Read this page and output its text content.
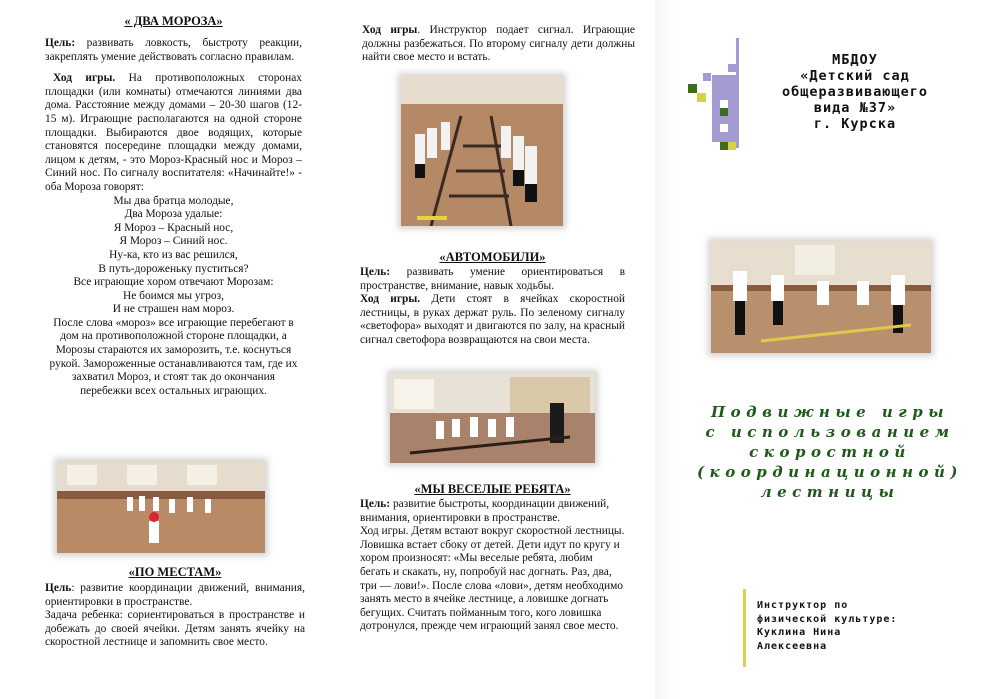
« ДВА МОРОЗА»

Цель: развивать ловкость, быстроту реакции, закреплять умение действовать согласно правилам.

Ход игры. На противоположных сторонах площадки (или комнаты) отмечаются линиями два дома. Расстояние между домами – 20-30 шагов (12-15 м). Играющие располагаются на одной стороне площадки. Выбираются двое водящих, которые становятся посередине площадки между домами, лицом к детям, - это Мороз-Красный нос и Мороз – Синий нос. По сигналу воспитателя: «Начинайте!» - оба Мороза говорят:

Мы два братца молодые,

Два Мороза удалые:

Я Мороз – Красный нос,

Я Мороз – Синий нос.

Ну-ка, кто из вас решился,

В путь-дороженьку пуститься?

Все играющие хором отвечают Морозам:

Не боимся мы угроз,

И не страшен нам мороз.

После слова «мороз» все играющие перебегают в дом на противоположной стороне площадки, а Морозы стараются их заморозить, т.е. коснуться рукой. Замороженные останавливаются там, где их захватил Мороз, и стоят так до окончания перебежки всех остальных играющих.

«ПО МЕСТАМ»

Цель: развитие координации движений, внимания, ориентировки в пространстве.

Задача ребенка: сориентироваться в пространстве и добежать до своей ячейки. Детям занять ячейку на скоростной лестнице и запомнить свое место.

Ход игры. Инструктор подает сигнал. Играющие должны разбежаться. По второму сигналу дети должны найти свое место и встать.

«АВТОМОБИЛИ»

Цель: развивать умение ориентироваться в пространстве, внимание, навык ходьбы.

Ход игры. Дети стоят в ячейках скоростной лестницы, в руках держат руль. По зеленому сигналу «светофора» выходят и двигаются по залу, на красный сигнал светофора возвращаются на свои места.

«МЫ ВЕСЕЛЫЕ РЕБЯТА»

Цель: развитие быстроты, координации движений, внимания, ориентировки в пространстве.

Ход игры. Детям встают вокруг скоростной лестницы. Ловишка встает сбоку от детей. Дети идут по кругу и хором произносят: «Мы веселые ребята, любим бегать и скакать, ну, попробуй нас догнать. Раз, два, три — лови!». После слова «лови», детям необходимо занять место в ячейке лестнице, а ловишке догнать бегущих. Считать пойманным того, кого ловишка дотронулся, прежде чем играющий занял свое место.

МБДОУ
«Детский сад
общеразвивающего
вида №37»
г. Курска
Подвижные игры
с использованием
скоростной
(координационной)
лестницы
Инструктор по
физической культуре:
Куклина Нина
Алексеевна
